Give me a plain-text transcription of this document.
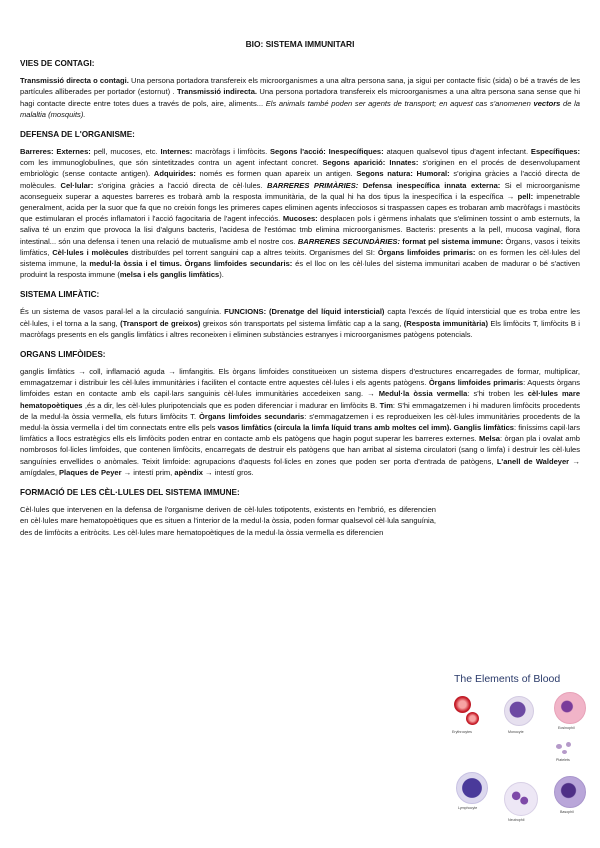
BIO: SISTEMA IMMUNITARI
VIES DE CONTAGI:

Transmissió directa o contagi. Una persona portadora transfereix els microorganismes a una altra persona sana, ja sigui per contacte físic (sida) o bé a través de les partícules alliberades per portador (estornut) . Transmissió indirecta. Una persona portadora transfereix els microorganismes a una altra persona sana sense que hi hagi contacte directe entre totes dues a través de pols, aire, aliments... Els animals també poden ser agents de transport; en aquest cas s'anomenen vectors de la malaltia (mosquits).

DEFENSA DE L'ORGANISME:

Barreres: Externes: pell, mucoses, etc. Internes: macròfags i limfòcits. Segons l'acció: Inespecífiques: ataquen qualsevol tipus d'agent infectant. Específiques: com les immunoglobulines, que són sintetitzades contra un agent infectant concret. Segons aparició: Innates: s'originen en el procés de desenvolupament embriològic (sense contacte antigen). Adquirides: només es formen quan apareix un antigen. Segons natura: Humoral: s'origina gràcies a l'acció directa de molècules. Cel·lular: s'origina gràcies a l'acció directa de cèl·lules. BARRERES PRIMÀRIES: Defensa inespecífica innata externa: Si el microorganisme aconsegueix superar a aquestes barreres es trobarà amb la resposta immunitària, de la qual hi ha dos tipus la inespecífica i la específica → pell: impenetrable generalment, acida per la suor que fa que no creixin fongs les primeres capes eliminen agents infecciosos si traspassen capes es trobaran amb macròfags i mastòcits que estimularan el procés inflamatori i l'acció fagocitaria de l'agent infecciós. Mucoses: desplacen pols i gèrmens inhalats que s'eliminen tossint o amb esternuts, la saliva té un enzim que provoca la lisi d'alguns bacteris, l'acidesa de l'estómac tmb elimina microorganismes. Bacteris: presents a la pell, mucosa vaginal, flora intestinal... són una defensa i tenen una relació de mutualisme amb el nostre cos. BARRERES SECUNDÀRIES: format pel sistema immune: Òrgans, vasos i teixits limfàtics, Cèl·lules i molècules distribuïdes pel torrent sanguini cap a altres teixits. Organismes del SI: Òrgans limfoides primaris: on es formen les cèl·lules del sistema immune, la medul·la òssia i el timus. Òrgans limfoides secundaris: és el lloc on les cèl·lules del sistema immunitari acaben de madurar o bé s'activen produint la resposta immune (melsa i els ganglis limfàtics).

SISTEMA LIMFÀTIC:

És un sistema de vasos paral·lel a la circulació sanguínia. FUNCIONS: (Drenatge del líquid intersticial) capta l'excés de líquid intersticial que es troba entre les cèl·lules, i el torna a la sang, (Transport de greixos) greixos són transportats pel sistema limfàtic cap a la sang, (Resposta immunitària) Els limfòcits T, limfòcits B i macròfags presents en els ganglis limfàtics i altres reconeixen i eliminen substàncies estranyes i microorganismes patògens potencials.

ORGANS LIMFÒIDES:

ganglis limfàtics → coll, inflamació aguda → limfangitis. Els òrgans limfoides constitueixen un sistema dispers d'estructures encarregades de formar, multiplicar, emmagatzemar i distribuir les cèl·lules immunitàries i faciliten el contacte entre aquestes cèl·lules i els agents patògens. Òrgans limfoides primaris: Aquests òrgans limfoides estan en contacte amb els capil·lars sanguinis cèl·lules immunitàries accedeixen sang. → Medul·la òssia vermella: s'hi troben les cèl·lules mare hematopoètiques ,és a dir, les cèl·lules pluripotencials que es poden diferenciar i madurar en limfòcits B. Tim: S'hi emmagatzemen i hi maduren limfòcits procedents de la medul·la òssia vermella, els futurs limfòcits T. Òrgans limfoides secundaris: s'emmagatzemen i es reprodueixen les cèl·lules immunitàries procedents de la medul·la òssia vermella i del tim connectats entre ells pels vasos limfàtics (circula la limfa líquid trans amb moltes cel imm). Ganglis limfàtics: finíssims capil·lars limfàtics a llocs estratègics ells els limfòcits poden entrar en contacte amb els patògens que hagin pogut superar les barreres externes. Melsa: òrgan pla i ovalat amb nombrosos fol·licles limfoides, que contenen limfòcits, encarregats de destruir els patògens que han arribat al sistema circulatori (sang o limfa) i destruir les cèl·lules sanguínies envellides o anòmales. Teixit limfoide: agrupacions d'aquests fol·licles en zones que poden ser porta d'entrada de patògens, L'anell de Waldeyer → amígdales, Plaques de Peyer → intestí prim, apèndix → intestí gros.

FORMACIÓ DE LES CÈL·LULES DEL SISTEMA IMMUNE:

Cèl·lules que intervenen en la defensa de l'organisme deriven de cèl·lules totipotents, existents en l'embrió, es diferencien en cèl·lules mare hematopoètiques que es situen a l'interior de la medul·la òssia, poden formar qualsevol cèl·lula sanguínia, des de limfòcits a eritròcits. Les cèl·lules mare hematopoètiques de la medul·la òssia vermella es diferencien

The Elements of Blood
Erythrocytes	Monocyte
Eosinophil
Platelets
Lymphocyte
Neutrophil
Basophil
